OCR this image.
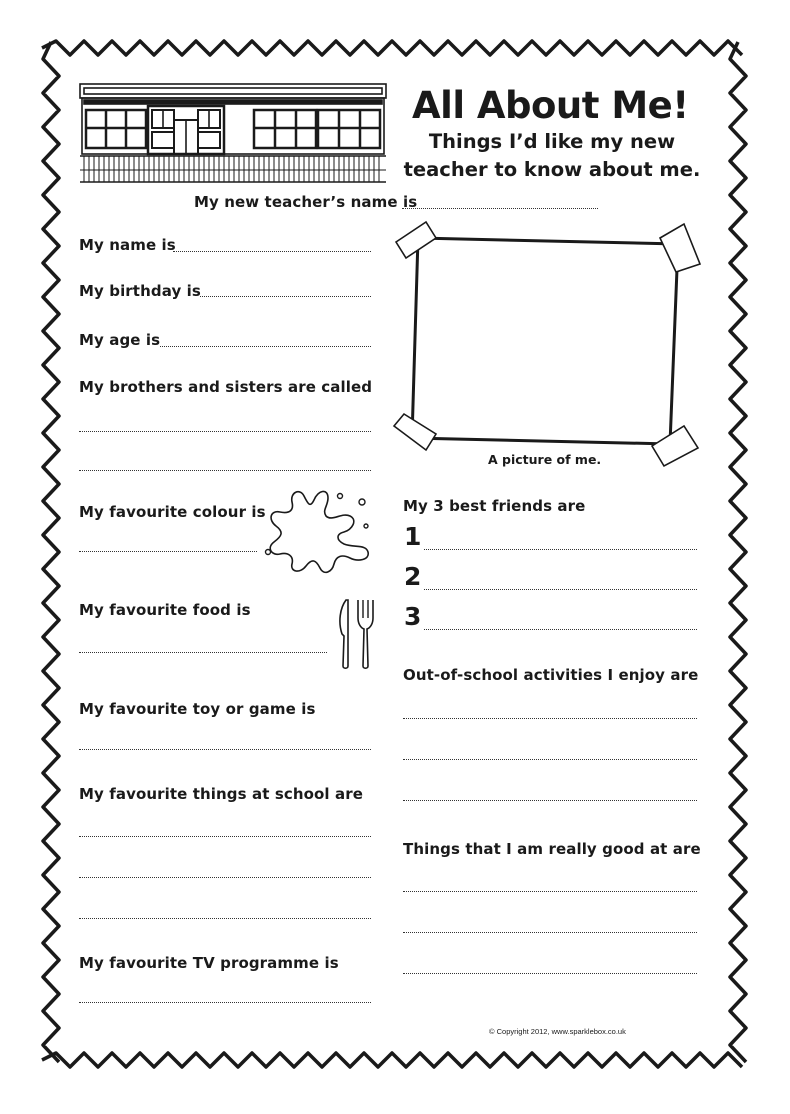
All About Me!
Things I’d like my new teacher to know about me.
My new teacher’s name is
My name is
My birthday is
My age is
My brothers and sisters are called
My favourite colour is
My favourite food is
My favourite toy or game is
My favourite things at school are
My favourite TV programme is
A picture of me.
My 3 best friends are
1
2
3
Out-of-school activities I enjoy are
Things that I am really good at are
© Copyright 2012, www.sparklebox.co.uk
